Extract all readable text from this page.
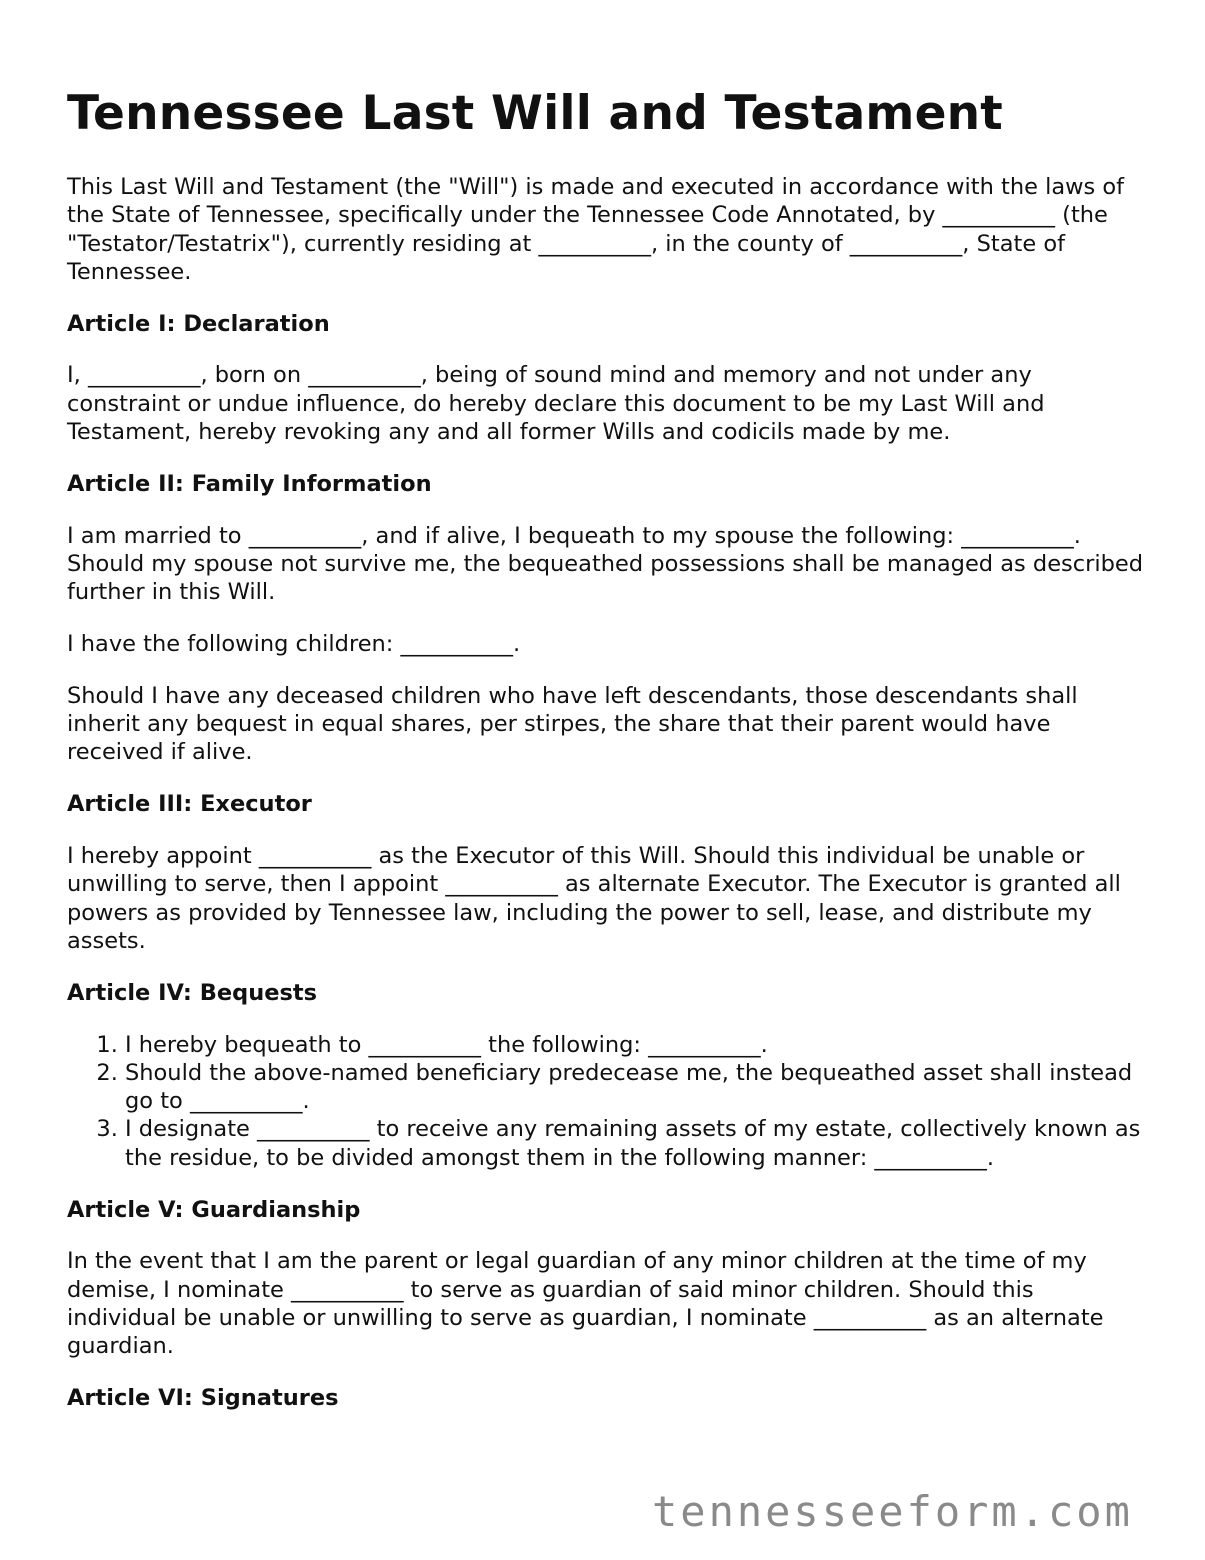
Tennessee Last Will and Testament

This Last Will and Testament (the "Will") is made and executed in accordance with the laws of the State of Tennessee, specifically under the Tennessee Code Annotated, by __________ (the "Testator/Testatrix"), currently residing at __________, in the county of __________, State of Tennessee.

Article I: Declaration

I, __________, born on __________, being of sound mind and memory and not under any constraint or undue influence, do hereby declare this document to be my Last Will and Testament, hereby revoking any and all former Wills and codicils made by me.

Article II: Family Information

I am married to __________, and if alive, I bequeath to my spouse the following: __________. Should my spouse not survive me, the bequeathed possessions shall be managed as described further in this Will.

I have the following children: __________.

Should I have any deceased children who have left descendants, those descendants shall inherit any bequest in equal shares, per stirpes, the share that their parent would have received if alive.

Article III: Executor

I hereby appoint __________ as the Executor of this Will. Should this individual be unable or unwilling to serve, then I appoint __________ as alternate Executor. The Executor is granted all powers as provided by Tennessee law, including the power to sell, lease, and distribute my assets.

Article IV: Bequests
1. I hereby bequeath to __________ the following: __________.
2. Should the above-named beneficiary predecease me, the bequeathed asset shall instead go to __________.
3. I designate __________ to receive any remaining assets of my estate, collectively known as the residue, to be divided amongst them in the following manner: __________.
Article V: Guardianship

In the event that I am the parent or legal guardian of any minor children at the time of my demise, I nominate __________ to serve as guardian of said minor children. Should this individual be unable or unwilling to serve as guardian, I nominate __________ as an alternate guardian.

Article VI: Signatures
tennesseeform.com
